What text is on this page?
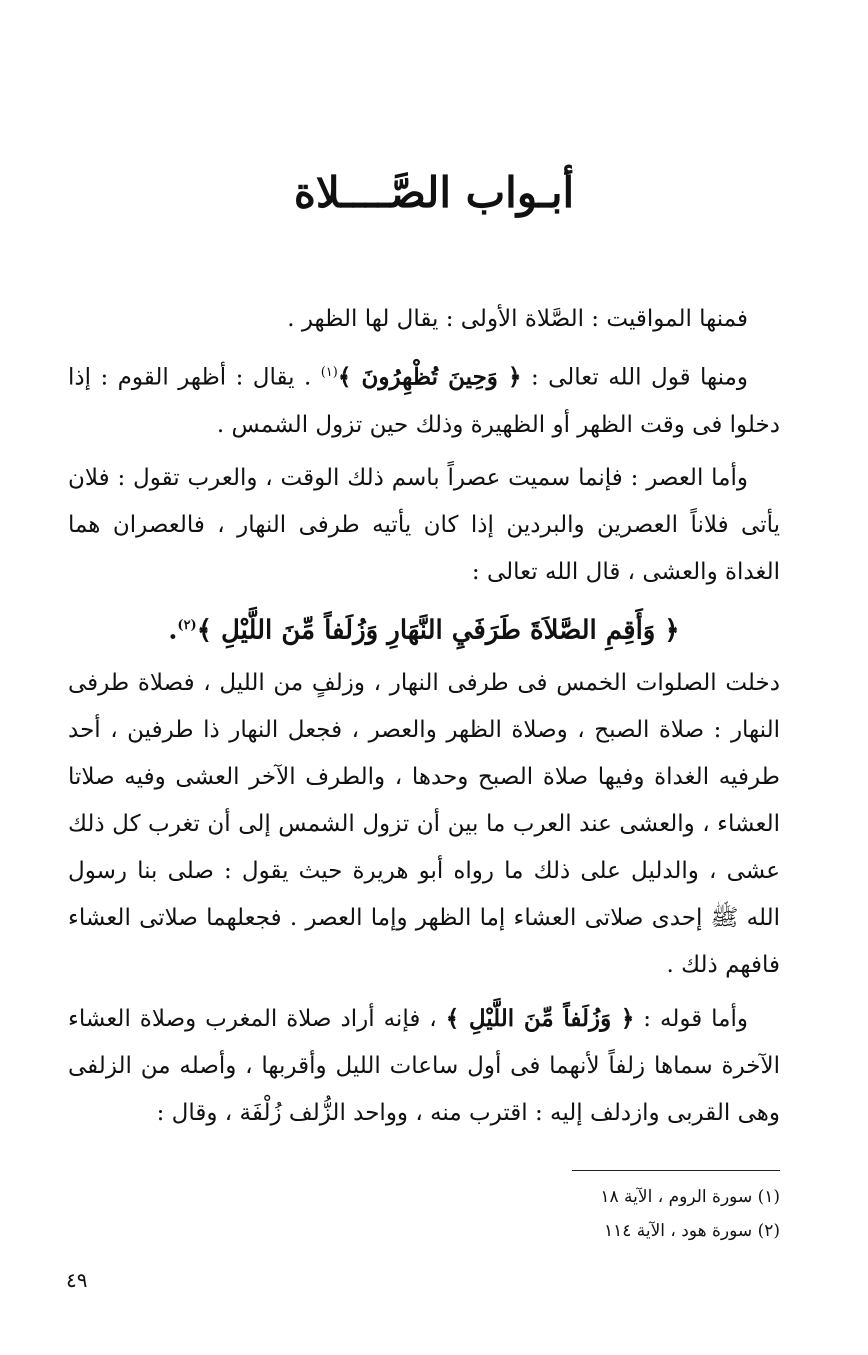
أبـواب الصَّــــلاة

فمنها المواقيت : الصَّلاة الأولى : يقال لها الظهر .

ومنها قول الله تعالى : ﴿ وَحِينَ تُظْهِرُونَ ﴾$^{(١)}$ . يقال : أظهر القوم : إذا دخلوا فى وقت الظهر أو الظهيرة وذلك حين تزول الشمس .

وأما العصر : فإنما سميت عصراً باسم ذلك الوقت ، والعرب تقول : فلان يأتى فلاناً العصرين والبردين إذا كان يأتيه طرفى النهار ، فالعصران هما الغداة والعشى ، قال الله تعالى :

﴿ وَأَقِمِ الصَّلاَةَ طَرَفَيِ النَّهَارِ وَزُلَفاً مِّنَ اللَّيْلِ ﴾$^{(٢)}$.

دخلت الصلوات الخمس فى طرفى النهار ، وزلفٍ من الليل ، فصلاة طرفى النهار : صلاة الصبح ، وصلاة الظهر والعصر ، فجعل النهار ذا طرفين ، أحد طرفيه الغداة وفيها صلاة الصبح وحدها ، والطرف الآخر العشى وفيه صلاتا العشاء ، والعشى عند العرب ما بين أن تزول الشمس إلى أن تغرب كل ذلك عشى ، والدليل على ذلك ما رواه أبو هريرة حيث يقول : صلى بنا رسول الله ﷺ إحدى صلاتى العشاء إما الظهر وإما العصر . فجعلهما صلاتى العشاء فافهم ذلك .

وأما قوله : ﴿ وَزُلَفاً مِّنَ اللَّيْلِ ﴾ ، فإنه أراد صلاة المغرب وصلاة العشاء الآخرة سماها زلفاً لأنهما فى أول ساعات الليل وأقربها ، وأصله من الزلفى وهى القربى وازدلف إليه : اقترب منه ، وواحد الزُّلف زُلْفَة ، وقال :

(١) سورة الروم ، الآية ١٨
(٢) سورة هود ، الآية ١١٤
٤٩
